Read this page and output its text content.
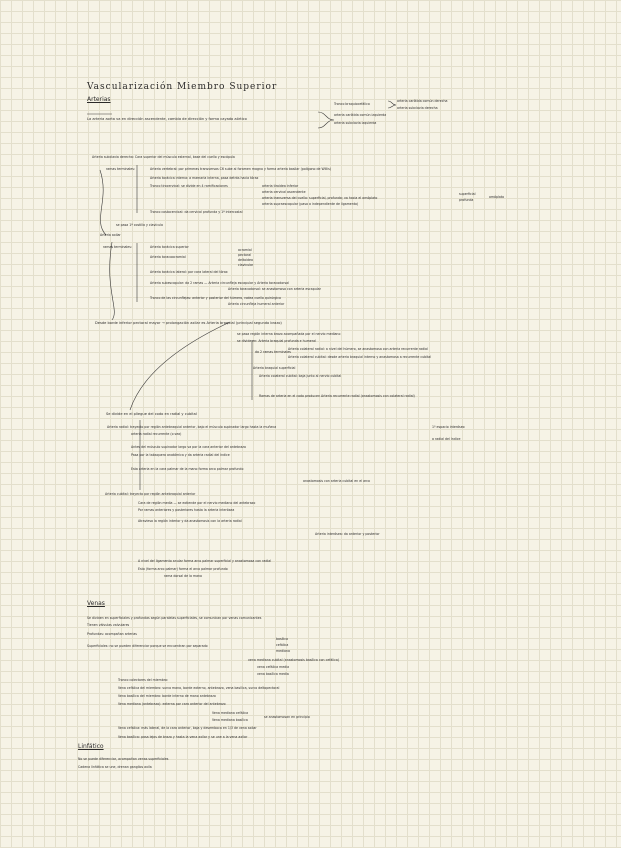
Vascularización Miembro Superior
Arterias
La arteria aorta va en dirección ascendente, cambia de dirección y forma cayado aórtico
Tronco braquiocefálico
arteria carótida común derecha
arteria subclavia derecha
arteria carótida común izquierda
arteria subclavia izquierda
Arteria subclavia derecha: Cara superior del músculo esternal, base del cuello y escápula
ramas terminales:	Arteria vertebral: por primeras transversas C6 sube al foramen magno y forma arteria basilar (polígono de Willis)
Arteria torácica interna: a mamaria interna, pasa detrás hacia tórax
Tronco tirocervical: se divide en 4 ramificaciones	arteria tiroidea inferior
arteria cervical ascendente
arteria transversa del cuello: superficial, profunda; va hacia el omóplato
arteria supraescapular (pasa a independiente de ligamento)
superficial
profunda
omóplato
Tronco costocervical: da cervical profunda y 1ª intercostal
se pasa 1ª costilla y clavícula
Arteria axilar
ramas terminales:	Arteria torácica superior
Arteria toracoacromial
acromial
pectoral
deltoidea
clavicular
Arteria torácica lateral: por cara lateral del tórax
Arteria subescapular: da 2 ramas — Arteria circunfleja escapular y Arteria toracodorsal
Arteria toracodorsal: se anastomosa con arteria escapular
Tronco de las circunflejas: anterior y posterior del húmero, rodea cuello quirúrgico
Arteria circunfleja humeral anterior
Desde borde inferior pectoral mayor → prolongación axilar es Arteria braquial (principal segundo brazo)
se pasa región interna brazo acompañada por el nervio mediano
se divide en: Arteria braquial profunda e humeral
da 2 ramas terminales
Arteria colateral radial: a nivel del húmero, se anastomosa con arteria recurrente radial
Arteria colateral cubital: desde arteria braquial interno y anastomosa a recurrente cubital
Arteria braquial superficial
Arteria colateral cubital: baja junto al nervio cubital
Ramas de arteria en el codo producen Arteria recurrente radial (anastomosis con colateral radial)
Se divide en el pliegue del codo en radial y cubital
Arteria radial: trayecto por región antebraquial anterior, bajo el músculo supinador largo hasta la muñeca
arteria radial recurrente (o sea)
Antes del músculo supinador largo va por la cara anterior del antebrazo
Pasa por la tabaquera anatómica y da arteria radial del índice
Esta arteria en la cara palmar de la mano forma arco palmar profundo
anastomosis con arteria cubital en el arco
1º espacio interóseo
a radial del índice
Arteria cubital: trayecto por región antebraquial anterior
Cara de región media — se extiende por el nervio mediano del antebrazo
Por ramas anteriores y posteriores hasta la arteria interósea
Atraviesa la región interior y da anastomosis con la arteria radial
Arteria interósea: da anterior y posterior
A nivel del ligamento anular forma arco palmar superficial y anastomosa con radial
Esto (forma arco palmar) forma el arco palmar profundo
rama dorsal de la mano
Venas
Se dividen en superficiales y profundas según paralelas superficiales, se comunican por venas comunicantes
Tienen válvulas valvulares
Profundas: acompañan arterias
Superficiales: no se pueden diferenciar porque se encuentran por separado
basílica
cefálica
mediana
vena mediana cubital (anastomosis basílica con cefálica)
vena cefálica media
vena basílica media
Tronco colectores del miembro:
Vena cefálica del miembro: surco mano, borde externo, antebrazo, vena basílica, surco deltopectoral
Vena basílica del miembro: borde interno de mano antebrazo
Vena mediana (antebrazo): externa por cara anterior del antebrazo
Vena mediana cefálica
Vena mediana basílica
se anastomosan en principio
Vena cefálica: más lateral, de la cara anterior, baja y desemboca en 1/3 de vena axilar
Vena basílica: pasa lejos de brazo y hasta la vena axilar y se une a la vena axilar
Linfático
No se puede diferenciar, acompañan venas superficiales
Cadena linfática se une, drenan ganglios axila
